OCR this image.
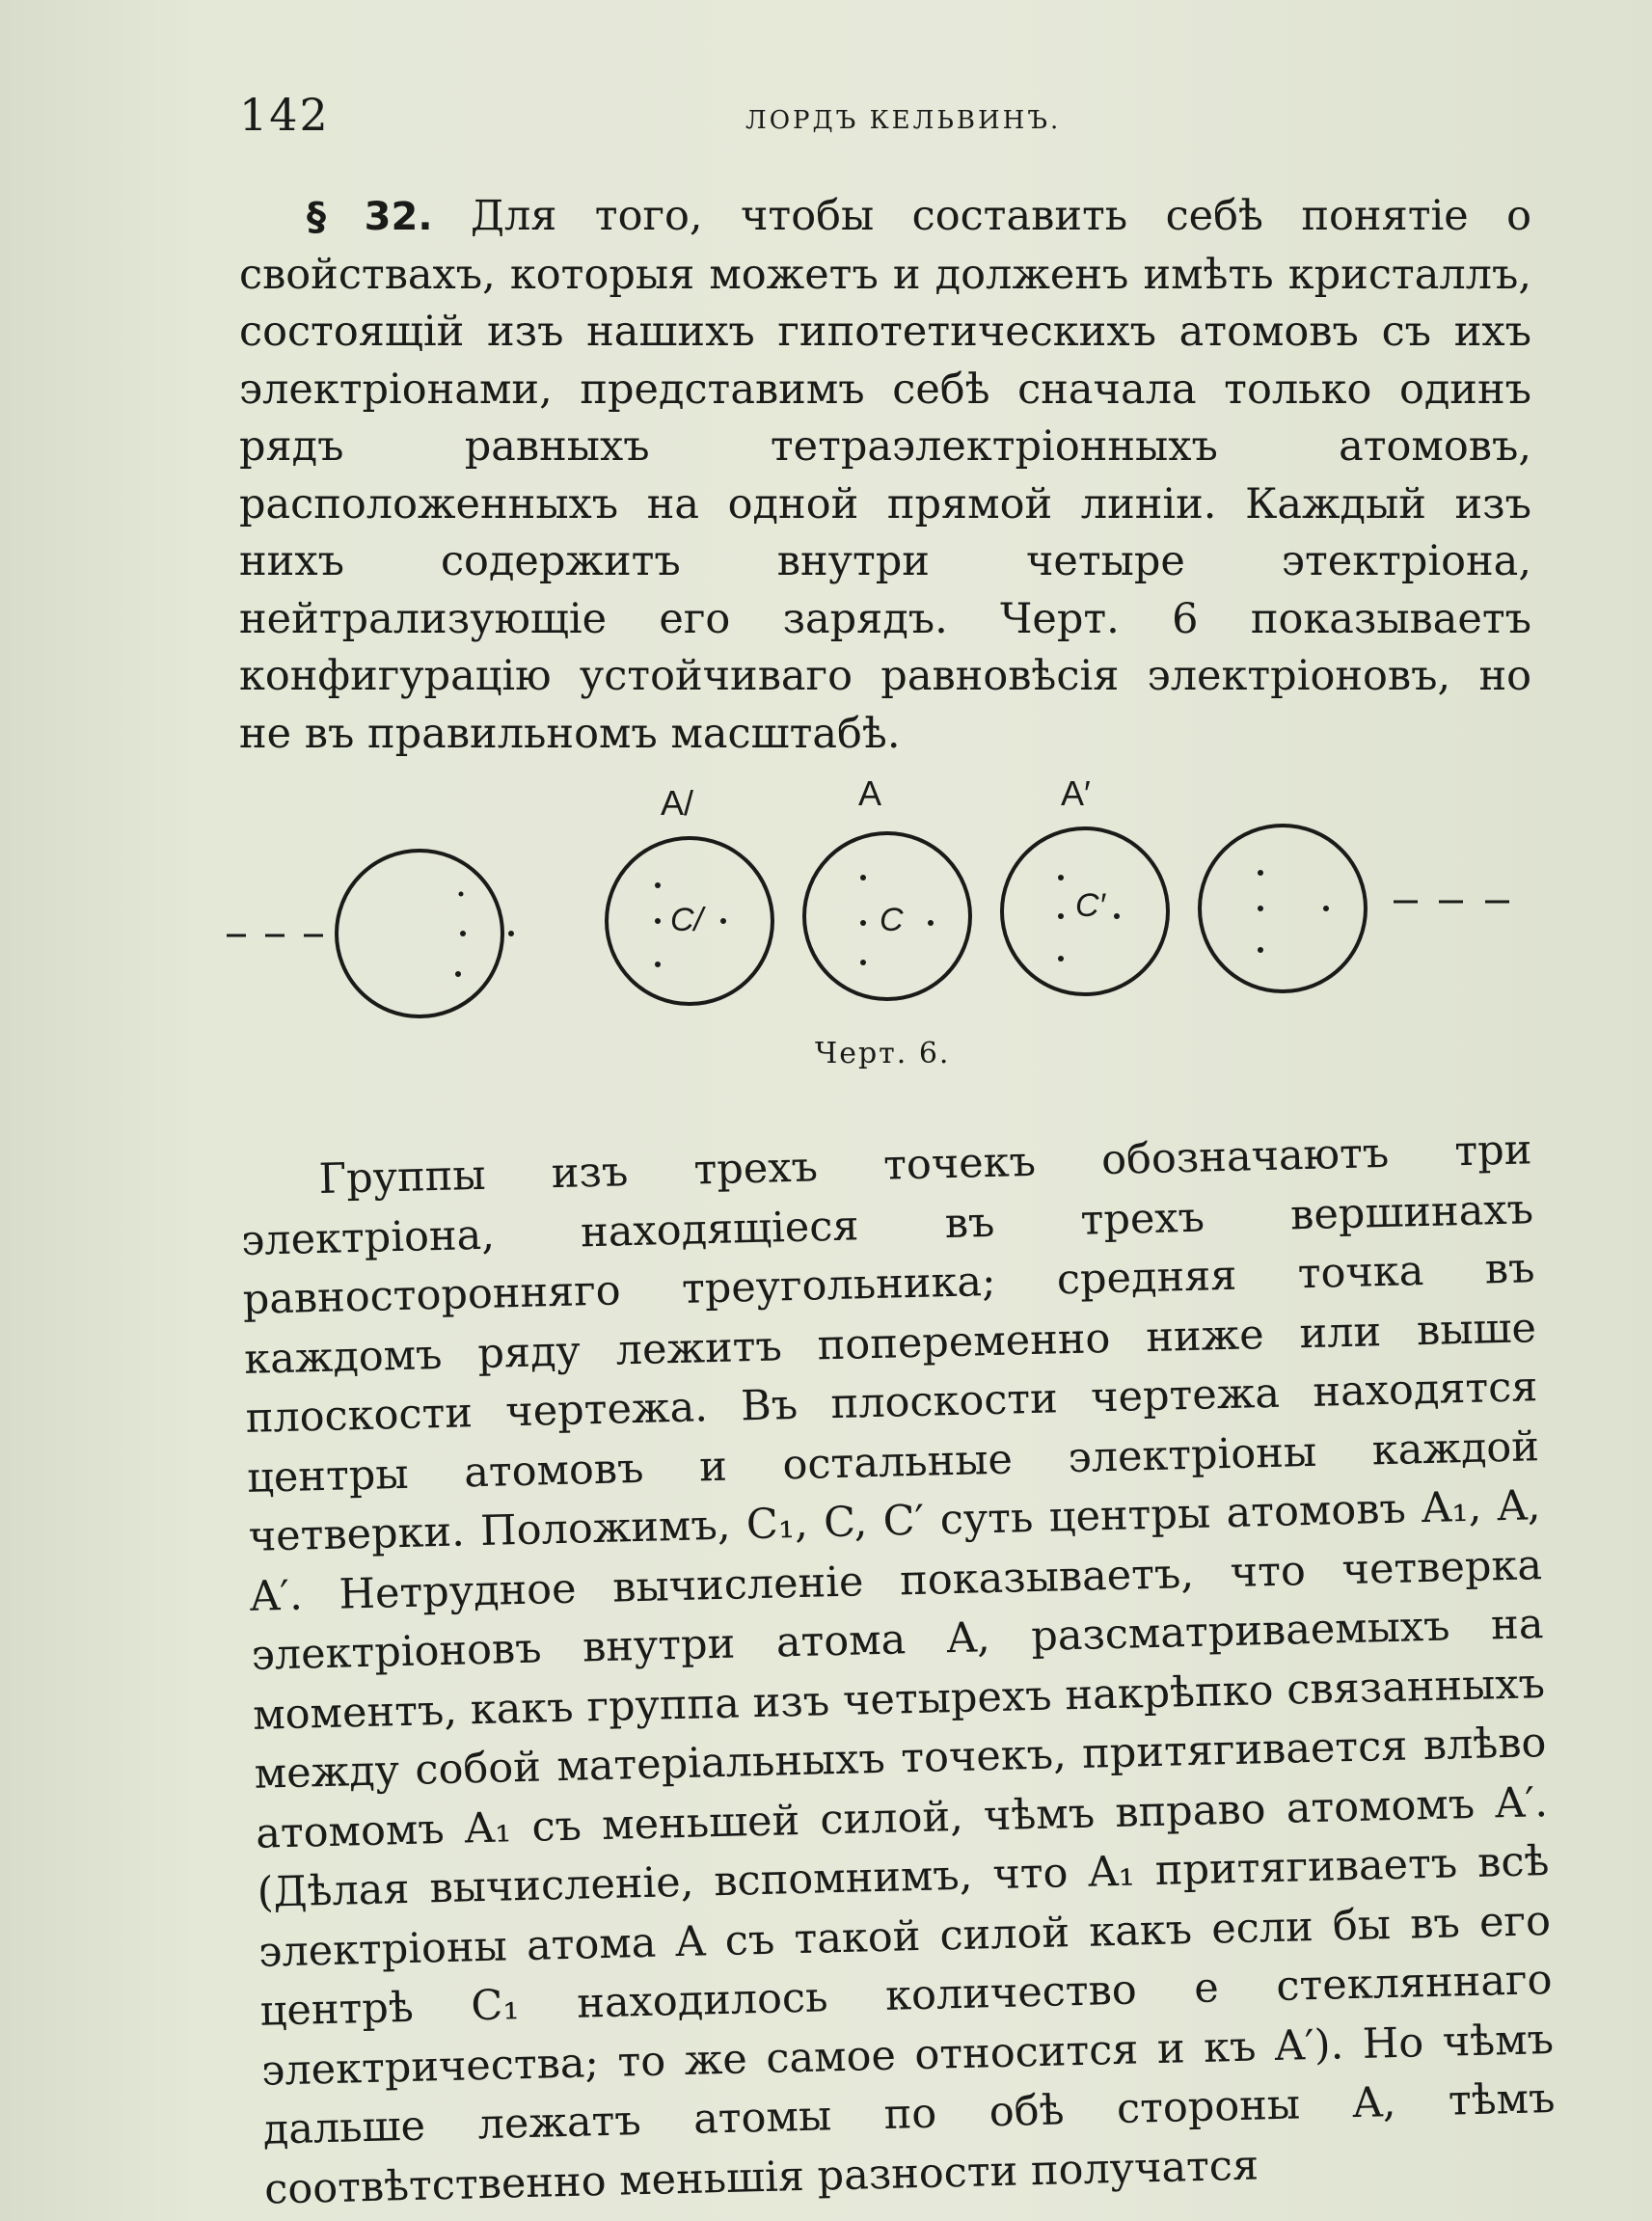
142	ЛОРДЪ КЕЛЬВИНЪ.

§ 32. Для того, чтобы составить себѣ понятіе о свойствахъ, которыя можетъ и долженъ имѣть кристаллъ, состоящій изъ нашихъ гипотетическихъ атомовъ съ ихъ электріонами, представимъ себѣ сначала только одинъ рядъ равныхъ тетраэлектріонныхъ атомовъ, расположенныхъ на одной прямой линіи. Каждый изъ нихъ содержитъ внутри четыре этектріона, нейтрализующіе его зарядъ. Черт. 6 показываетъ конфигурацію устойчиваго равновѣсія электріоновъ, но не въ правильномъ масштабѣ.

A/	A	A′
C/	C	C′
Черт. 6.

Группы изъ трехъ точекъ обозначаютъ три электріона, находящіеся въ трехъ вершинахъ равносторонняго треугольника; средняя точка въ каждомъ ряду лежитъ попеременно ниже или выше плоскости чертежа. Въ плоскости чертежа находятся центры атомовъ и остальные электріоны каждой четверки. Положимъ, C₁, C, C′ суть центры атомовъ A₁, A, A′. Нетрудное вычисленіе показываетъ, что четверка электріоновъ внутри атома A, разсматриваемыхъ на моментъ, какъ группа изъ четырехъ накрѣпко связанныхъ между собой матеріальныхъ точекъ, притягивается влѣво атомомъ A₁ съ меньшей силой, чѣмъ вправо атомомъ A′. (Дѣлая вычисленіе, вспомнимъ, что A₁ притягиваетъ всѣ электріоны атома A съ такой силой какъ если бы въ его центрѣ C₁ находилось количество e стекляннаго электричества; то же самое относится и къ A′). Но чѣмъ дальше лежатъ атомы по обѣ стороны A, тѣмъ соотвѣтственно меньшія разности получатся
